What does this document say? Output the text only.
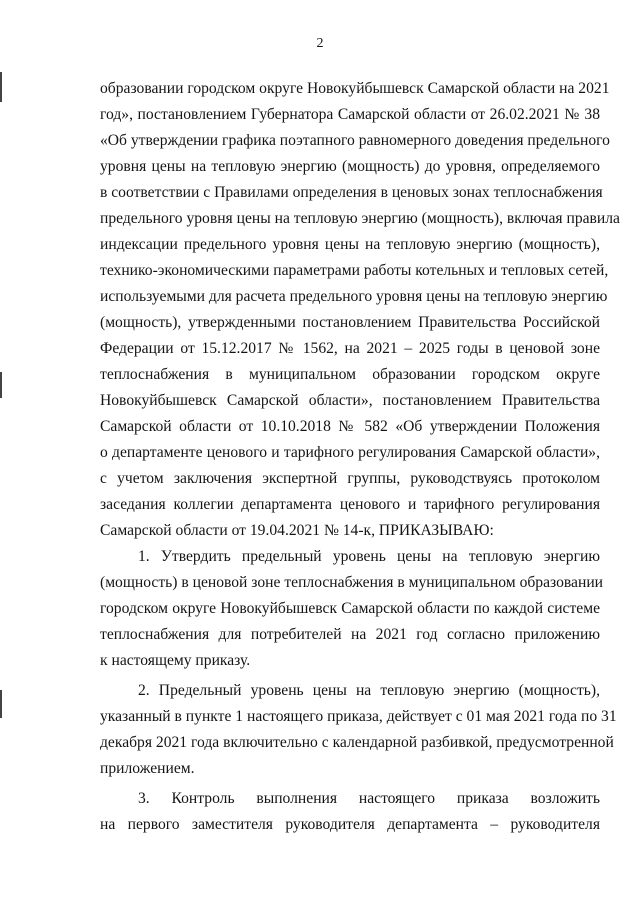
2

образовании городском округе Новокуйбышевск Самарской области на 2021

год», постановлением Губернатора Самарской области от 26.02.2021 № 38

«Об утверждении графика поэтапного равномерного доведения предельного

уровня цены на тепловую энергию (мощность) до уровня, определяемого

в соответствии с Правилами определения в ценовых зонах теплоснабжения

предельного уровня цены на тепловую энергию (мощность), включая правила

индексации предельного уровня цены на тепловую энергию (мощность),

технико-экономическими параметрами работы котельных и тепловых сетей,

используемыми для расчета предельного уровня цены на тепловую энергию

(мощность), утвержденными постановлением Правительства Российской

Федерации от 15.12.2017 № 1562, на 2021 – 2025 годы в ценовой зоне

теплоснабжения в муниципальном образовании городском округе

Новокуйбышевск Самарской области», постановлением Правительства

Самарской области от 10.10.2018 № 582 «Об утверждении Положения

о департаменте ценового и тарифного регулирования Самарской области»,

с учетом заключения экспертной группы, руководствуясь протоколом

заседания коллегии департамента ценового и тарифного регулирования

Самарской области от 19.04.2021 № 14-к, ПРИКАЗЫВАЮ:

1. Утвердить предельный уровень цены на тепловую энергию

(мощность) в ценовой зоне теплоснабжения в муниципальном образовании

городском округе Новокуйбышевск Самарской области по каждой системе

теплоснабжения для потребителей на 2021 год согласно приложению

к настоящему приказу.

2. Предельный уровень цены на тепловую энергию (мощность),

указанный в пункте 1 настоящего приказа, действует с 01 мая 2021 года по 31

декабря 2021 года включительно с календарной разбивкой, предусмотренной

приложением.

3. Контроль выполнения настоящего приказа возложить

на первого заместителя руководителя департамента – руководителя
